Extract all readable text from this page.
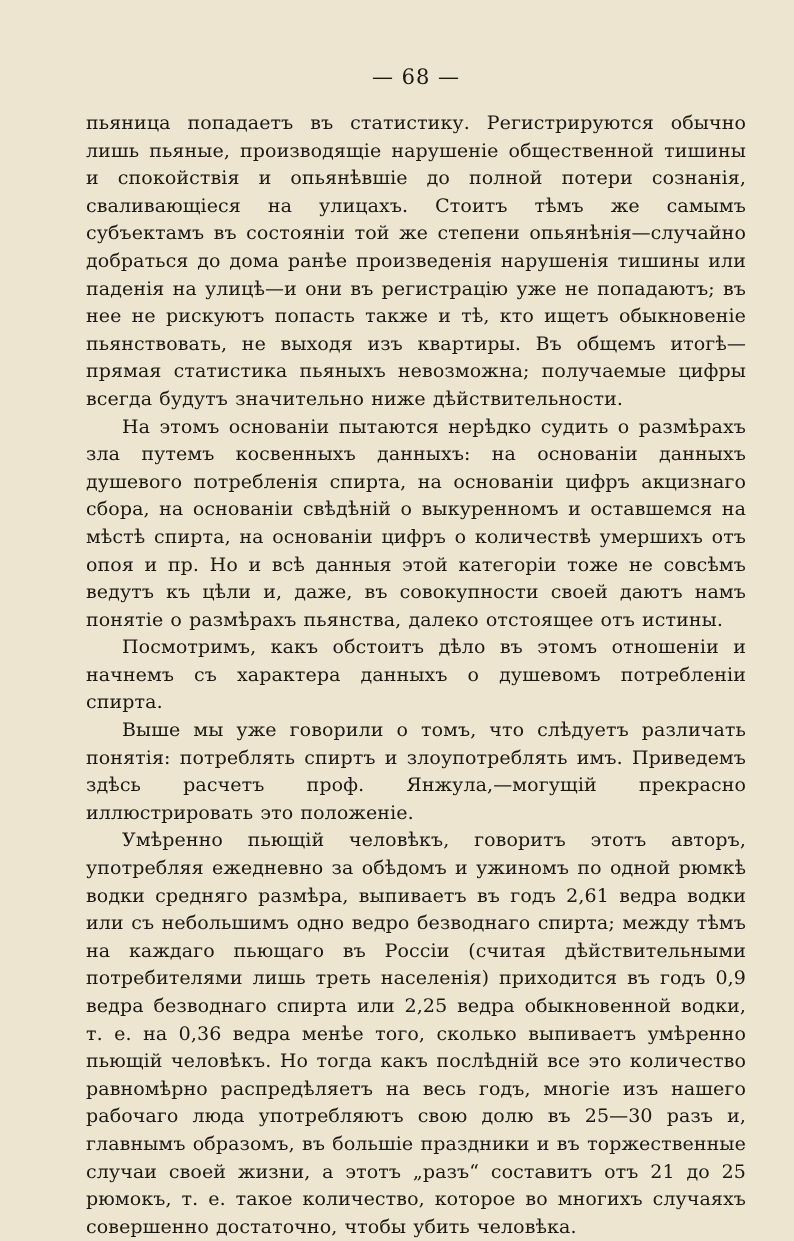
— 68 —

пьяница попадаетъ въ статистику. Регистрируются обычно лишь пьяные, производящіе нарушеніе общественной тишины и спокойствія и опьянѣвшіе до полной потери сознанія, сваливающіеся на улицахъ. Стоитъ тѣмъ же самымъ субъектамъ въ состояніи той же степени опьянѣнія—случайно добраться до дома ранѣе произведенія нарушенія тишины или паденія на улицѣ—и они въ регистрацію уже не попадаютъ; въ нее не рискуютъ попасть также и тѣ, кто ищетъ обыкновеніе пьянствовать, не выходя изъ квартиры. Въ общемъ итогѣ—прямая статистика пьяныхъ невозможна; получаемые цифры всегда будутъ значительно ниже дѣйствительности.

На этомъ основаніи пытаются нерѣдко судить о размѣрахъ зла путемъ косвенныхъ данныхъ: на основаніи данныхъ душевого потребленія спирта, на основаніи цифръ акцизнаго сбора, на основаніи свѣдѣній о выкуренномъ и оставшемся на мѣстѣ спирта, на основаніи цифръ о количествѣ умершихъ отъ опоя и пр. Но и всѣ данныя этой категоріи тоже не совсѣмъ ведутъ къ цѣли и, даже, въ совокупности своей даютъ намъ понятіе о размѣрахъ пьянства, далеко отстоящее отъ истины.

Посмотримъ, какъ обстоитъ дѣло въ этомъ отношеніи и начнемъ съ характера данныхъ о душевомъ потребленіи спирта.

Выше мы уже говорили о томъ, что слѣдуетъ различать понятія: потреблять спиртъ и злоупотреблять имъ. Приведемъ здѣсь расчетъ проф. Янжула,—могущій прекрасно иллюстрировать это положеніе.

Умѣренно пьющій человѣкъ, говоритъ этотъ авторъ, употребляя ежедневно за обѣдомъ и ужиномъ по одной рюмкѣ водки средняго размѣра, выпиваетъ въ годъ 2,61 ведра водки или съ небольшимъ одно ведро безводнаго спирта; между тѣмъ на каждаго пьющаго въ Россіи (считая дѣйствительными потребителями лишь треть населенія) приходится въ годъ 0,9 ведра безводнаго спирта или 2,25 ведра обыкновенной водки, т. е. на 0,36 ведра менѣе того, сколько выпиваетъ умѣренно пьющій человѣкъ. Но тогда какъ послѣдній все это количество равномѣрно распредѣляетъ на весь годъ, многіе изъ нашего рабочаго люда употребляютъ свою долю въ 25—30 разъ и, главнымъ образомъ, въ большіе праздники и въ торжественные случаи своей жизни, а этотъ „разъ“ составитъ отъ 21 до 25 рюмокъ, т. е. такое количество, которое во многихъ случаяхъ совершенно достаточно, чтобы убить человѣка.
